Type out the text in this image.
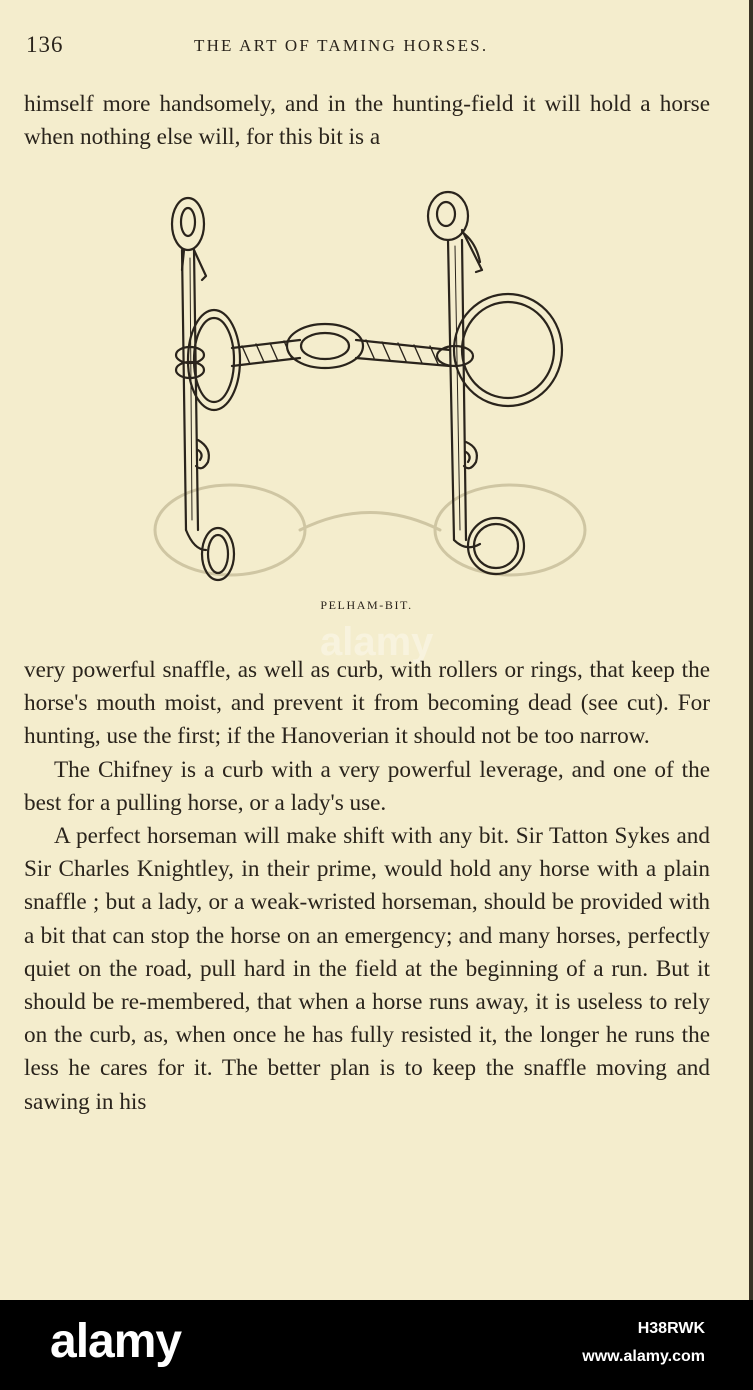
136	THE ART OF TAMING HORSES.

himself more handsomely, and in the hunting-field it will hold a horse when nothing else will, for this bit is a

PELHAM-BIT.
alamy

very powerful snaffle, as well as curb, with rollers or rings, that keep the horse's mouth moist, and prevent it from becoming dead (see cut). For hunting, use the first; if the Hanoverian it should not be too narrow.

The Chifney is a curb with a very powerful leverage, and one of the best for a pulling horse, or a lady's use.

A perfect horseman will make shift with any bit. Sir Tatton Sykes and Sir Charles Knightley, in their prime, would hold any horse with a plain snaffle ; but a lady, or a weak-wristed horseman, should be provided with a bit that can stop the horse on an emergency; and many horses, perfectly quiet on the road, pull hard in the field at the beginning of a run. But it should be re-membered, that when a horse runs away, it is useless to rely on the curb, as, when once he has fully resisted it, the longer he runs the less he cares for it. The better plan is to keep the snaffle moving and sawing in his

alamy	H38RWK
www.alamy.com
